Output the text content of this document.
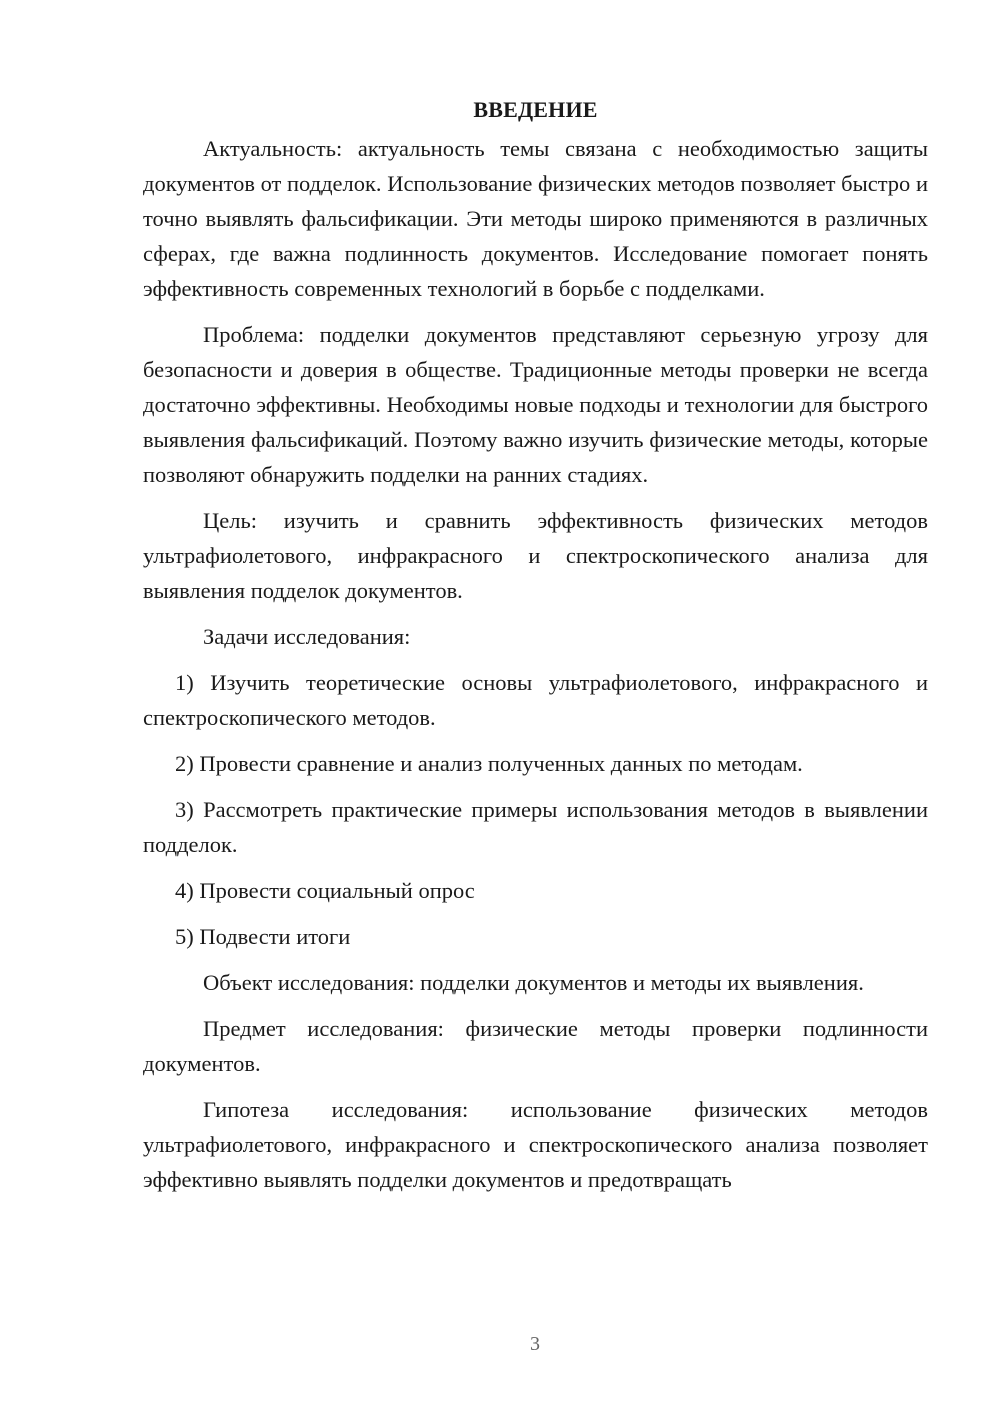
ВВЕДЕНИЕ

Актуальность: актуальность темы связана с необходимостью защиты документов от подделок. Использование физических методов позволяет быстро и точно выявлять фальсификации. Эти методы широко применяются в различных сферах, где важна подлинность документов. Исследование помогает понять эффективность современных технологий в борьбе с подделками.

Проблема: подделки документов представляют серьезную угрозу для безопасности и доверия в обществе. Традиционные методы проверки не всегда достаточно эффективны. Необходимы новые подходы и технологии для быстрого выявления фальсификаций. Поэтому важно изучить физические методы, которые позволяют обнаружить подделки на ранних стадиях.

Цель: изучить и сравнить эффективность физических методов ультрафиолетового, инфракрасного и спектроскопического анализа для выявления подделок документов.

Задачи исследования:

1) Изучить теоретические основы ультрафиолетового, инфракрасного и спектроскопического методов.

2) Провести сравнение и анализ полученных данных по методам.

3) Рассмотреть практические примеры использования методов в выявлении подделок.

4) Провести социальный опрос

5) Подвести итоги

Объект исследования: подделки документов и методы их выявления.

Предмет исследования: физические методы проверки подлинности документов.

Гипотеза исследования: использование физических методов ультрафиолетового, инфракрасного и спектроскопического анализа позволяет эффективно выявлять подделки документов и предотвращать

3
